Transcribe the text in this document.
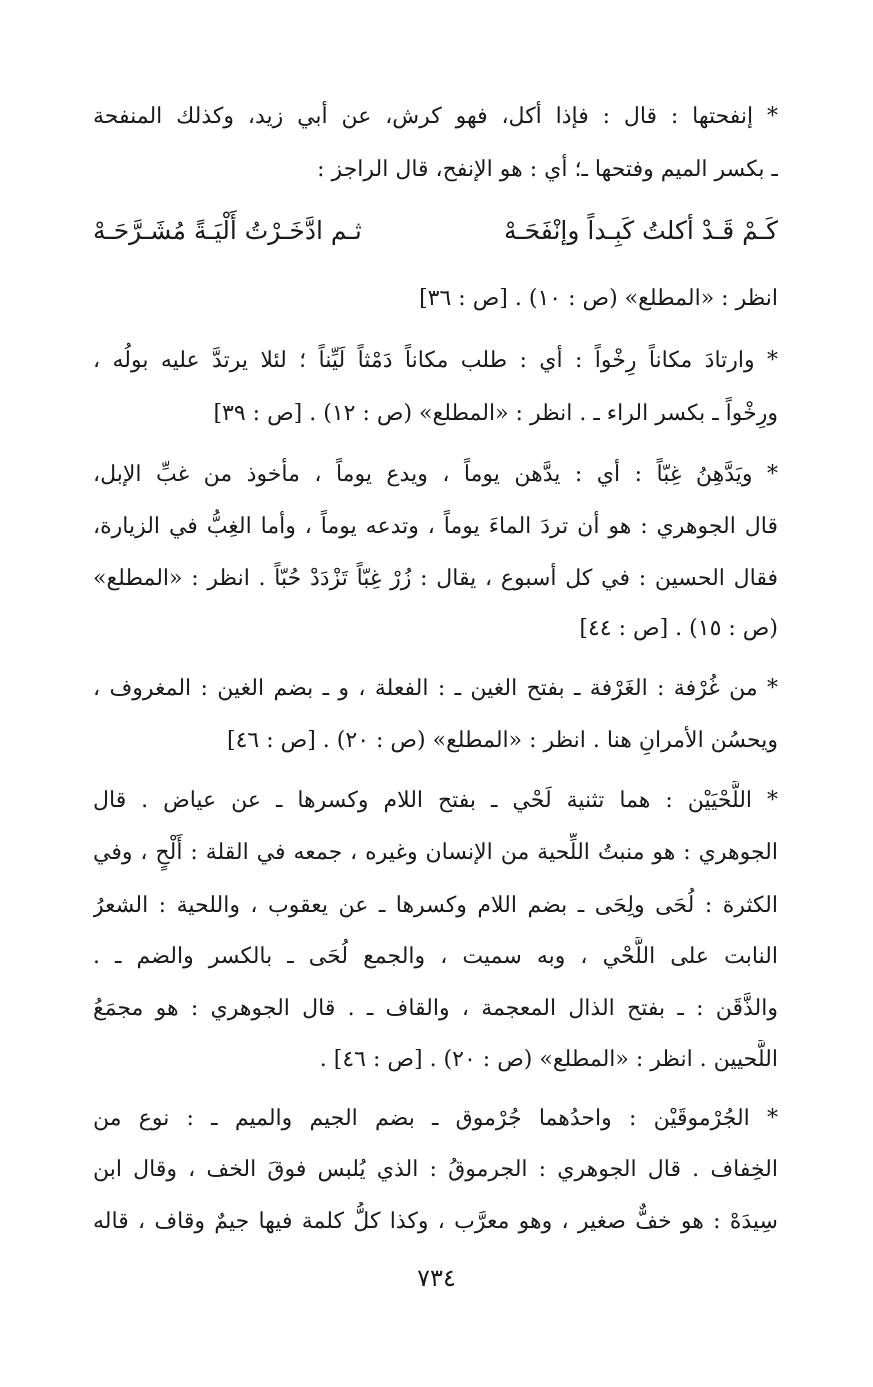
* إنفحتها : قال : فإذا أكل، فهو كرش، عن أبي زيد، وكذلك المنفحة
ـ بكسر الميم وفتحها ـ؛ أي : هو الإنفح، قال الراجز :
كَـمْ قَـدْ أكلتُ كَبِـداً وإنْفَحَـهْ
ثـم ادَّخَـرْتُ أَلْيَـةً مُشَـرَّحَـهْ
انظر : «المطلع» (ص : ١٠) . [ص : ٣٦]
* وارتادَ مكاناً رِخْواً : أي : طلب مكاناً دَمْثاً لَيِّناً ؛ لئلا يرتدَّ عليه بولُه ،
ورِخْواً ـ بكسر الراء ـ . انظر : «المطلع» (ص : ١٢) . [ص : ٣٩]
* ويَدَّهِنُ غِبّاً : أي : يدَّهن يوماً ، ويدع يوماً ، مأخوذ من غبِّ الإبل،
قال الجوهري : هو أن تردَ الماءَ يوماً ، وتدعه يوماً ، وأما الغِبُّ في الزيارة،
فقال الحسين : في كل أسبوع ، يقال : زُرْ غِبّاً تَزْدَدْ حُبّاً . انظر : «المطلع»
(ص : ١٥) . [ص : ٤٤]
* من غُرْفة : الغَرْفة ـ بفتح الغين ـ : الفعلة ، و ـ بضم الغين : المغروف ،
ويحسُن الأمرانِ هنا . انظر : «المطلع» (ص : ٢٠) . [ص : ٤٦]
* اللَّحْيَيْن : هما تثنية لَحْي ـ بفتح اللام وكسرها ـ عن عياض . قال
الجوهري : هو منبتُ اللِّحية من الإنسان وغيره ، جمعه في القلة : أَلْحٍ ، وفي
الكثرة : لُحَى ولِحَى ـ بضم اللام وكسرها ـ عن يعقوب ، واللحية : الشعرُ
النابت على اللَّحْي ، وبه سميت ، والجمع لُحَى ـ بالكسر والضم ـ .
والذَّقَن : ـ بفتح الذال المعجمة ، والقاف ـ . قال الجوهري : هو مجمَعُ
اللَّحيين . انظر : «المطلع» (ص : ٢٠) . [ص : ٤٦] .
* الجُرْموقَيْن : واحدُهما جُرْموق ـ بضم الجيم والميم ـ : نوع من
الخِفاف . قال الجوهري : الجرموقُ : الذي يُلبس فوقَ الخف ، وقال ابن
سِيدَهْ : هو خفٌّ صغير ، وهو معرَّب ، وكذا كلُّ كلمة فيها جيمٌ وقاف ، قاله
٧٣٤
